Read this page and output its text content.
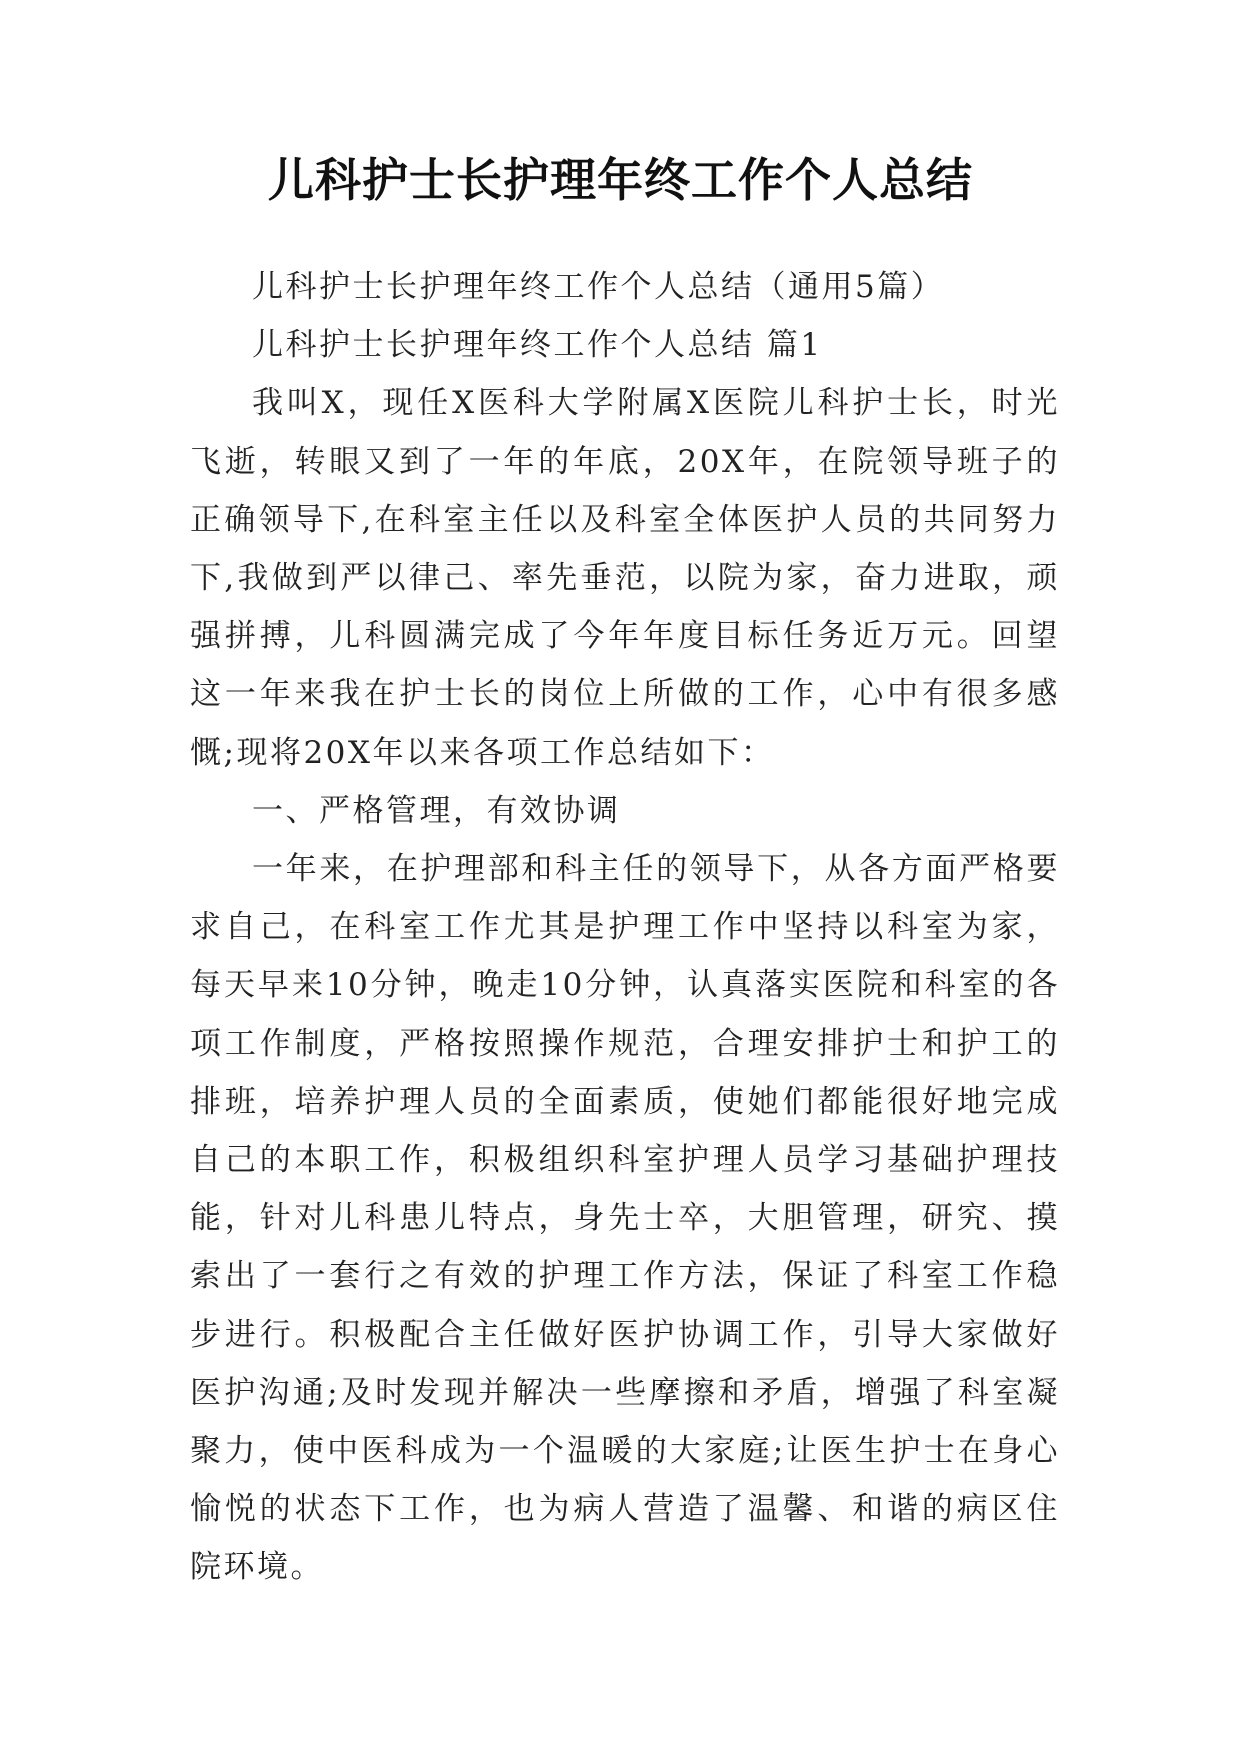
儿科护士长护理年终工作个人总结

儿科护士长护理年终工作个人总结（通用5篇）

儿科护士长护理年终工作个人总结 篇1

我叫X，现任X医科大学附属X医院儿科护士长，时光飞逝，转眼又到了一年的年底，20X年，在院领导班子的正确领导下,在科室主任以及科室全体医护人员的共同努力下,我做到严以律己、率先垂范，以院为家，奋力进取，顽强拼搏，儿科圆满完成了今年年度目标任务近万元。回望这一年来我在护士长的岗位上所做的工作，心中有很多感慨;现将20X年以来各项工作总结如下：

一、严格管理，有效协调

一年来，在护理部和科主任的领导下，从各方面严格要求自己，在科室工作尤其是护理工作中坚持以科室为家，每天早来10分钟，晚走10分钟，认真落实医院和科室的各项工作制度，严格按照操作规范，合理安排护士和护工的排班，培养护理人员的全面素质，使她们都能很好地完成自己的本职工作，积极组织科室护理人员学习基础护理技能，针对儿科患儿特点，身先士卒，大胆管理，研究、摸索出了一套行之有效的护理工作方法，保证了科室工作稳步进行。积极配合主任做好医护协调工作，引导大家做好医护沟通;及时发现并解决一些摩擦和矛盾，增强了科室凝聚力，使中医科成为一个温暖的大家庭;让医生护士在身心愉悦的状态下工作，也为病人营造了温馨、和谐的病区住院环境。
